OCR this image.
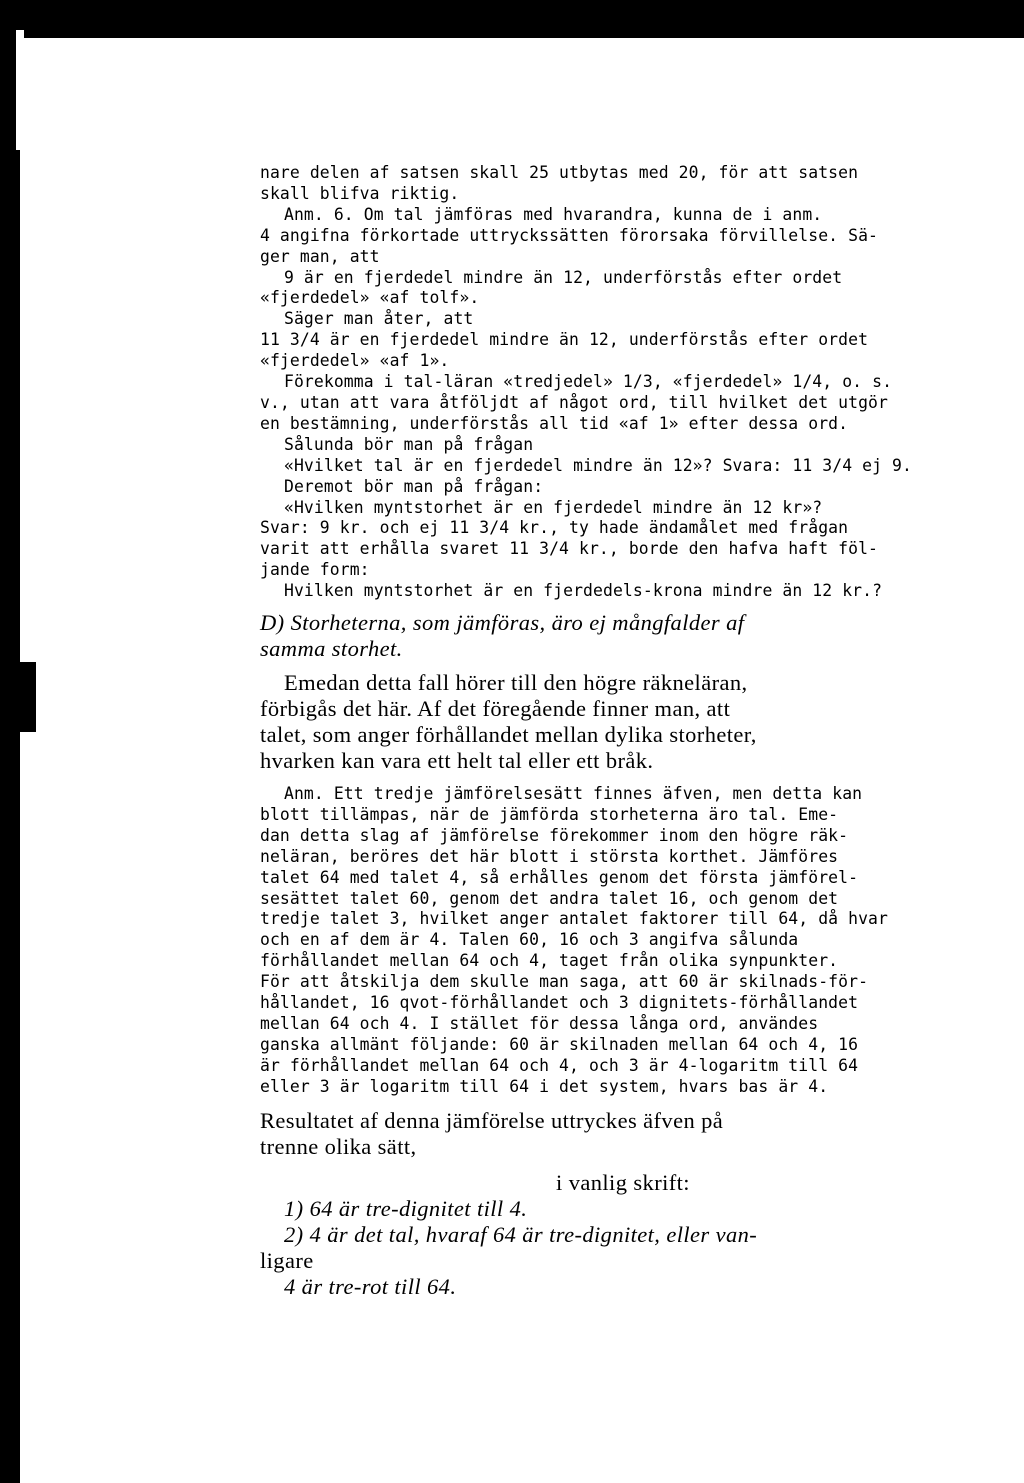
nare delen af satsen skall 25 utbytas med 20, för att satsen

skall blifva riktig.

Anm. 6. Om tal jämföras med hvarandra, kunna de i anm.

4 angifna förkortade uttryckssätten förorsaka förvillelse. Sä-

ger man, att

9 är en fjerdedel mindre än 12, underförstås efter ordet

«fjerdedel» «af tolf».

Säger man åter, att

11 3/4 är en fjerdedel mindre än 12, underförstås efter ordet

«fjerdedel» «af 1».

Förekomma i tal-läran «tredjedel» 1/3, «fjerdedel» 1/4, o. s.

v., utan att vara åtföljdt af något ord, till hvilket det utgör

en bestämning, underförstås all tid «af 1» efter dessa ord.

Sålunda bör man på frågan

«Hvilket tal är en fjerdedel mindre än 12»? Svara: 11 3/4 ej 9.

Deremot bör man på frågan:

«Hvilken myntstorhet är en fjerdedel mindre än 12 kr»?

Svar: 9 kr. och ej 11 3/4 kr., ty hade ändamålet med frågan

varit att erhålla svaret 11 3/4 kr., borde den hafva haft föl-

jande form:

Hvilken myntstorhet är en fjerdedels-krona mindre än 12 kr.?

D) Storheterna, som jämföras, äro ej mångfalder af

samma storhet.

Emedan detta fall hörer till den högre räkneläran,

förbigås det här. Af det föregående finner man, att

talet, som anger förhållandet mellan dylika storheter,

hvarken kan vara ett helt tal eller ett bråk.

Anm. Ett tredje jämförelsesätt finnes äfven, men detta kan

blott tillämpas, när de jämförda storheterna äro tal. Eme-

dan detta slag af jämförelse förekommer inom den högre räk-

neläran, beröres det här blott i största korthet. Jämföres

talet 64 med talet 4, så erhålles genom det första jämförel-

sesättet talet 60, genom det andra talet 16, och genom det

tredje talet 3, hvilket anger antalet faktorer till 64, då hvar

och en af dem är 4. Talen 60, 16 och 3 angifva sålunda

förhållandet mellan 64 och 4, taget från olika synpunkter.

För att åtskilja dem skulle man saga, att 60 är skilnads-för-

hållandet, 16 qvot-förhållandet och 3 dignitets-förhållandet

mellan 64 och 4. I stället för dessa långa ord, användes

ganska allmänt följande: 60 är skilnaden mellan 64 och 4, 16

är förhållandet mellan 64 och 4, och 3 är 4-logaritm till 64

eller 3 är logaritm till 64 i det system, hvars bas är 4.

Resultatet af denna jämförelse uttryckes äfven på

trenne olika sätt,

i vanlig skrift:

1) 64 är tre-dignitet till 4.

2) 4 är det tal, hvaraf 64 är tre-dignitet, eller van-

ligare

4 är tre-rot till 64.
